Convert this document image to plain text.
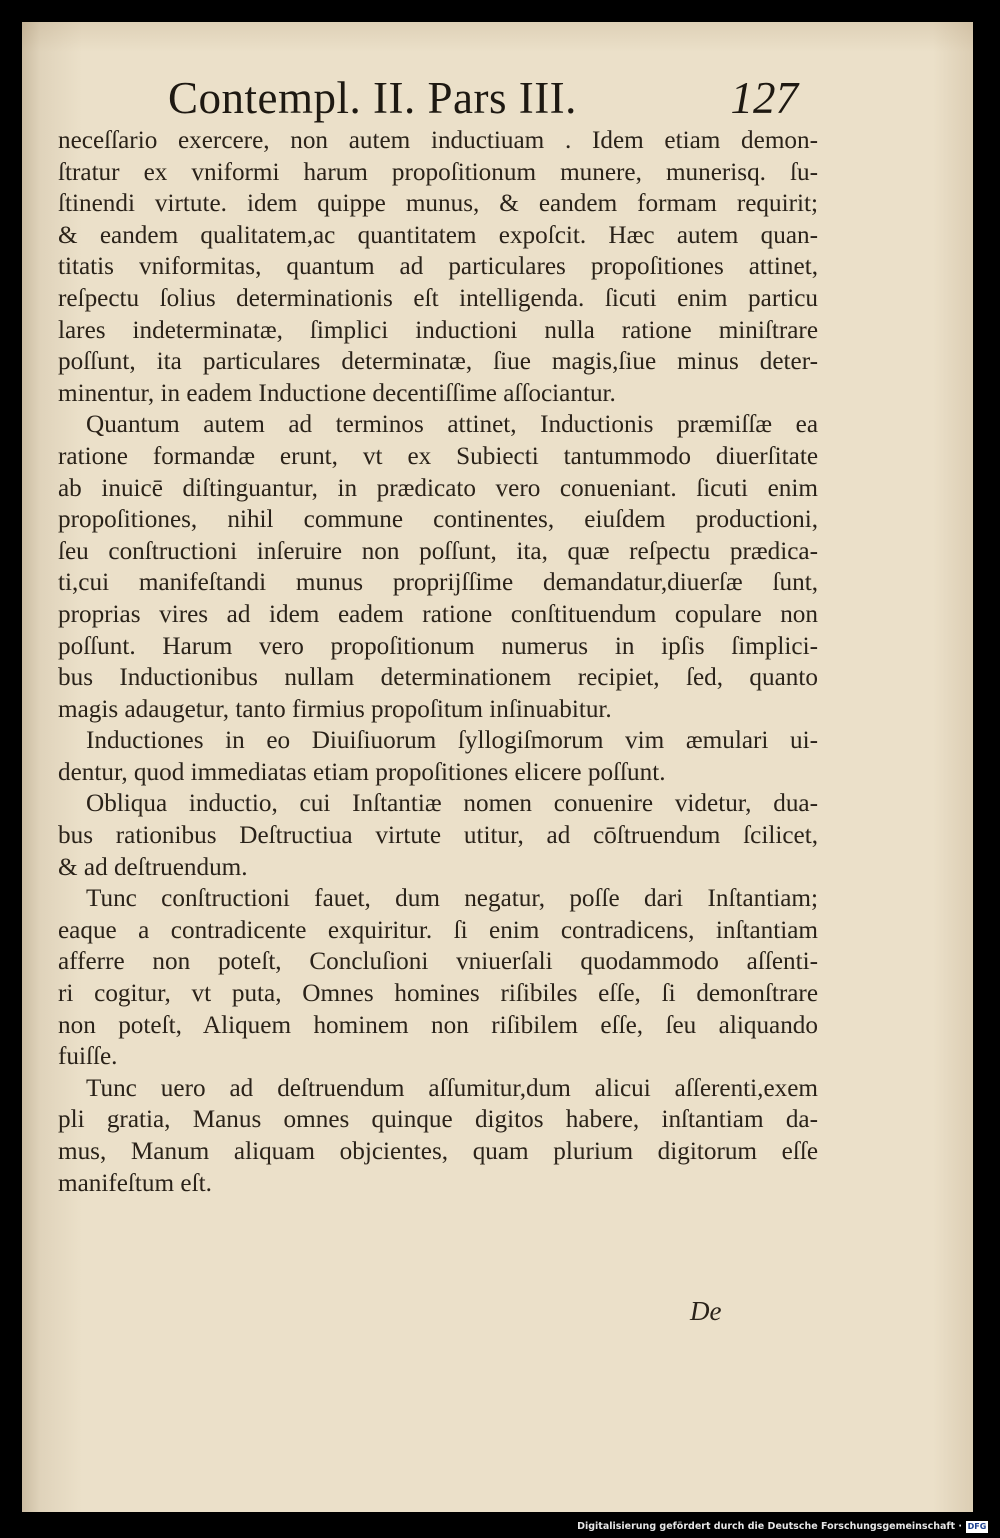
Contempl. II. Pars III.	127
neceſſario exercere, non autem inductiuam . Idem etiam demon-
ſtratur ex vniformi harum propoſitionum munere, munerisq. ſu-
ſtinendi virtute. idem quippe munus, & eandem formam requirit;
& eandem qualitatem,ac quantitatem expoſcit. Hæc autem quan-
titatis vniformitas, quantum ad particulares propoſitiones attinet,
reſpectu ſolius determinationis eſt intelligenda. ſicuti enim particu
lares indeterminatæ, ſimplici inductioni nulla ratione miniſtrare
poſſunt, ita particulares determinatæ, ſiue magis,ſiue minus deter-
minentur, in eadem Inductione decentiſſime aſſociantur.
Quantum autem ad terminos attinet, Inductionis præmiſſæ ea
ratione formandæ erunt, vt ex Subiecti tantummodo diuerſitate
ab inuicē diſtinguantur, in prædicato vero conueniant. ſicuti enim
propoſitiones, nihil commune continentes, eiuſdem productioni,
ſeu conſtructioni inſeruire non poſſunt, ita, quæ reſpectu prædica-
ti,cui manifeſtandi munus proprijſſime demandatur,diuerſæ ſunt,
proprias vires ad idem eadem ratione conſtituendum copulare non
poſſunt. Harum vero propoſitionum numerus in ipſis ſimplici-
bus Inductionibus nullam determinationem recipiet, ſed, quanto
magis adaugetur, tanto firmius propoſitum inſinuabitur.
Inductiones in eo Diuiſiuorum ſyllogiſmorum vim æmulari ui-
dentur, quod immediatas etiam propoſitiones elicere poſſunt.
Obliqua inductio, cui Inſtantiæ nomen conuenire videtur, dua-
bus rationibus Deſtructiua virtute utitur, ad cōſtruendum ſcilicet,
& ad deſtruendum.
Tunc conſtructioni fauet, dum negatur, poſſe dari Inſtantiam;
eaque a contradicente exquiritur. ſi enim contradicens, inſtantiam
afferre non poteſt, Concluſioni vniuerſali quodammodo aſſenti-
ri cogitur, vt puta, Omnes homines riſibiles eſſe, ſi demonſtrare
non poteſt, Aliquem hominem non riſibilem eſſe, ſeu aliquando
fuiſſe.
Tunc uero ad deſtruendum aſſumitur,dum alicui aſſerenti,exem
pli gratia, Manus omnes quinque digitos habere, inſtantiam da-
mus, Manum aliquam objcientes, quam plurium digitorum eſſe
manifeſtum eſt.
De
Digitalisierung gefördert durch die Deutsche Forschungsgemeinschaft · DFG
